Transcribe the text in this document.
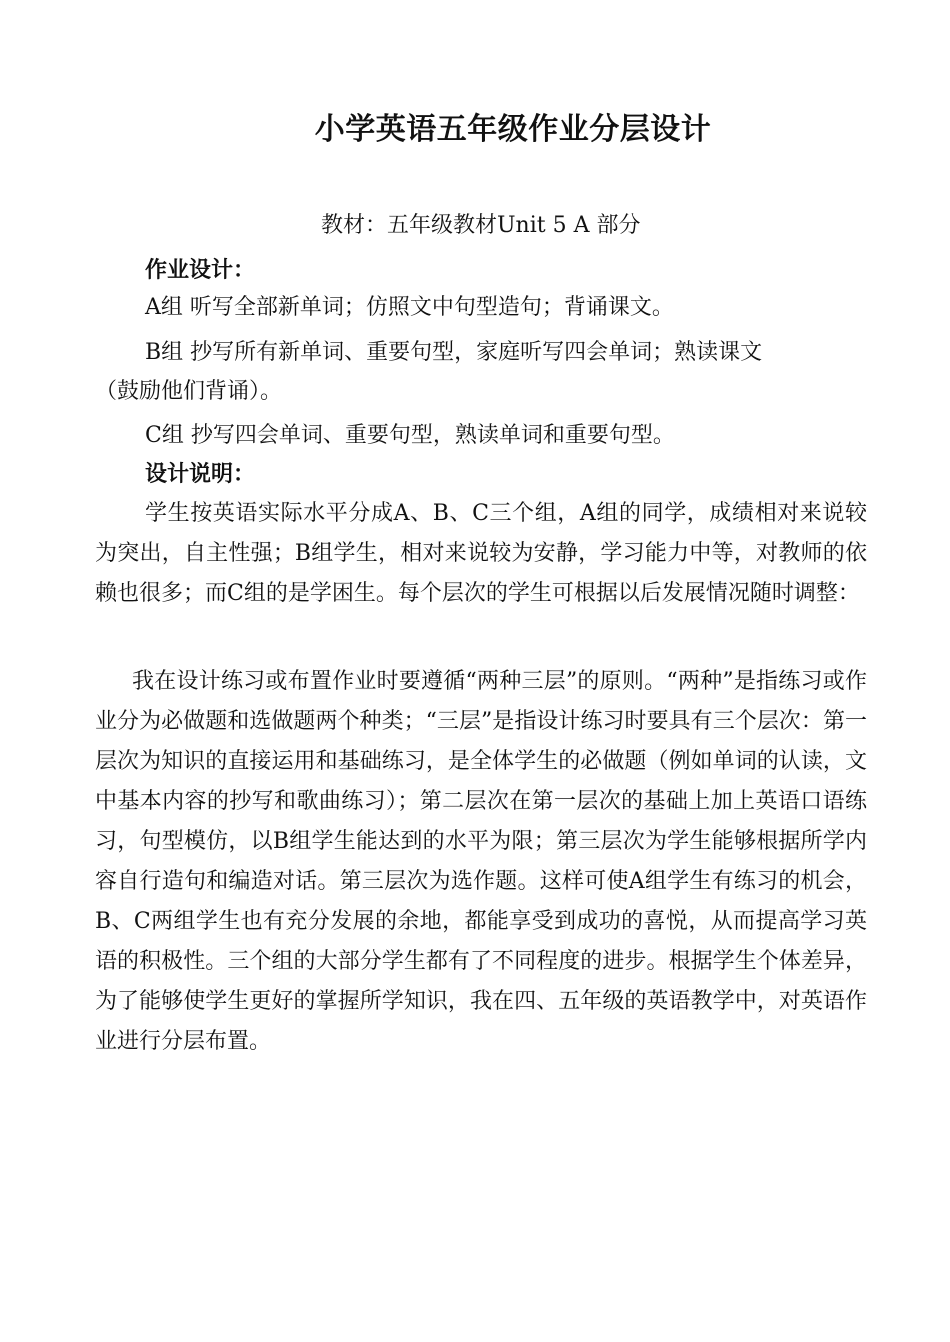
小学英语五年级作业分层设计

教材：五年级教材Unit 5 A 部分

作业设计：

A组 听写全部新单词；仿照文中句型造句；背诵课文。

B组 抄写所有新单词、重要句型，家庭听写四会单词；熟读课文

（鼓励他们背诵）。

C组 抄写四会单词、重要句型，熟读单词和重要句型。

设计说明：

学生按英语实际水平分成A、B、C三个组，A组的同学，成绩相对来说较为突出，自主性强；B组学生，相对来说较为安静，学习能力中等，对教师的依赖也很多；而C组的是学困生。每个层次的学生可根据以后发展情况随时调整：

我在设计练习或布置作业时要遵循“两种三层”的原则。“两种”是指练习或作业分为必做题和选做题两个种类；“三层”是指设计练习时要具有三个层次：第一层次为知识的直接运用和基础练习，是全体学生的必做题（例如单词的认读，文中基本内容的抄写和歌曲练习）；第二层次在第一层次的基础上加上英语口语练习，句型模仿，以B组学生能达到的水平为限；第三层次为学生能够根据所学内容自行造句和编造对话。第三层次为选作题。这样可使A组学生有练习的机会，B、C两组学生也有充分发展的余地，都能享受到成功的喜悦，从而提高学习英语的积极性。三个组的大部分学生都有了不同程度的进步。根据学生个体差异，为了能够使学生更好的掌握所学知识，我在四、五年级的英语教学中，对英语作业进行分层布置。
